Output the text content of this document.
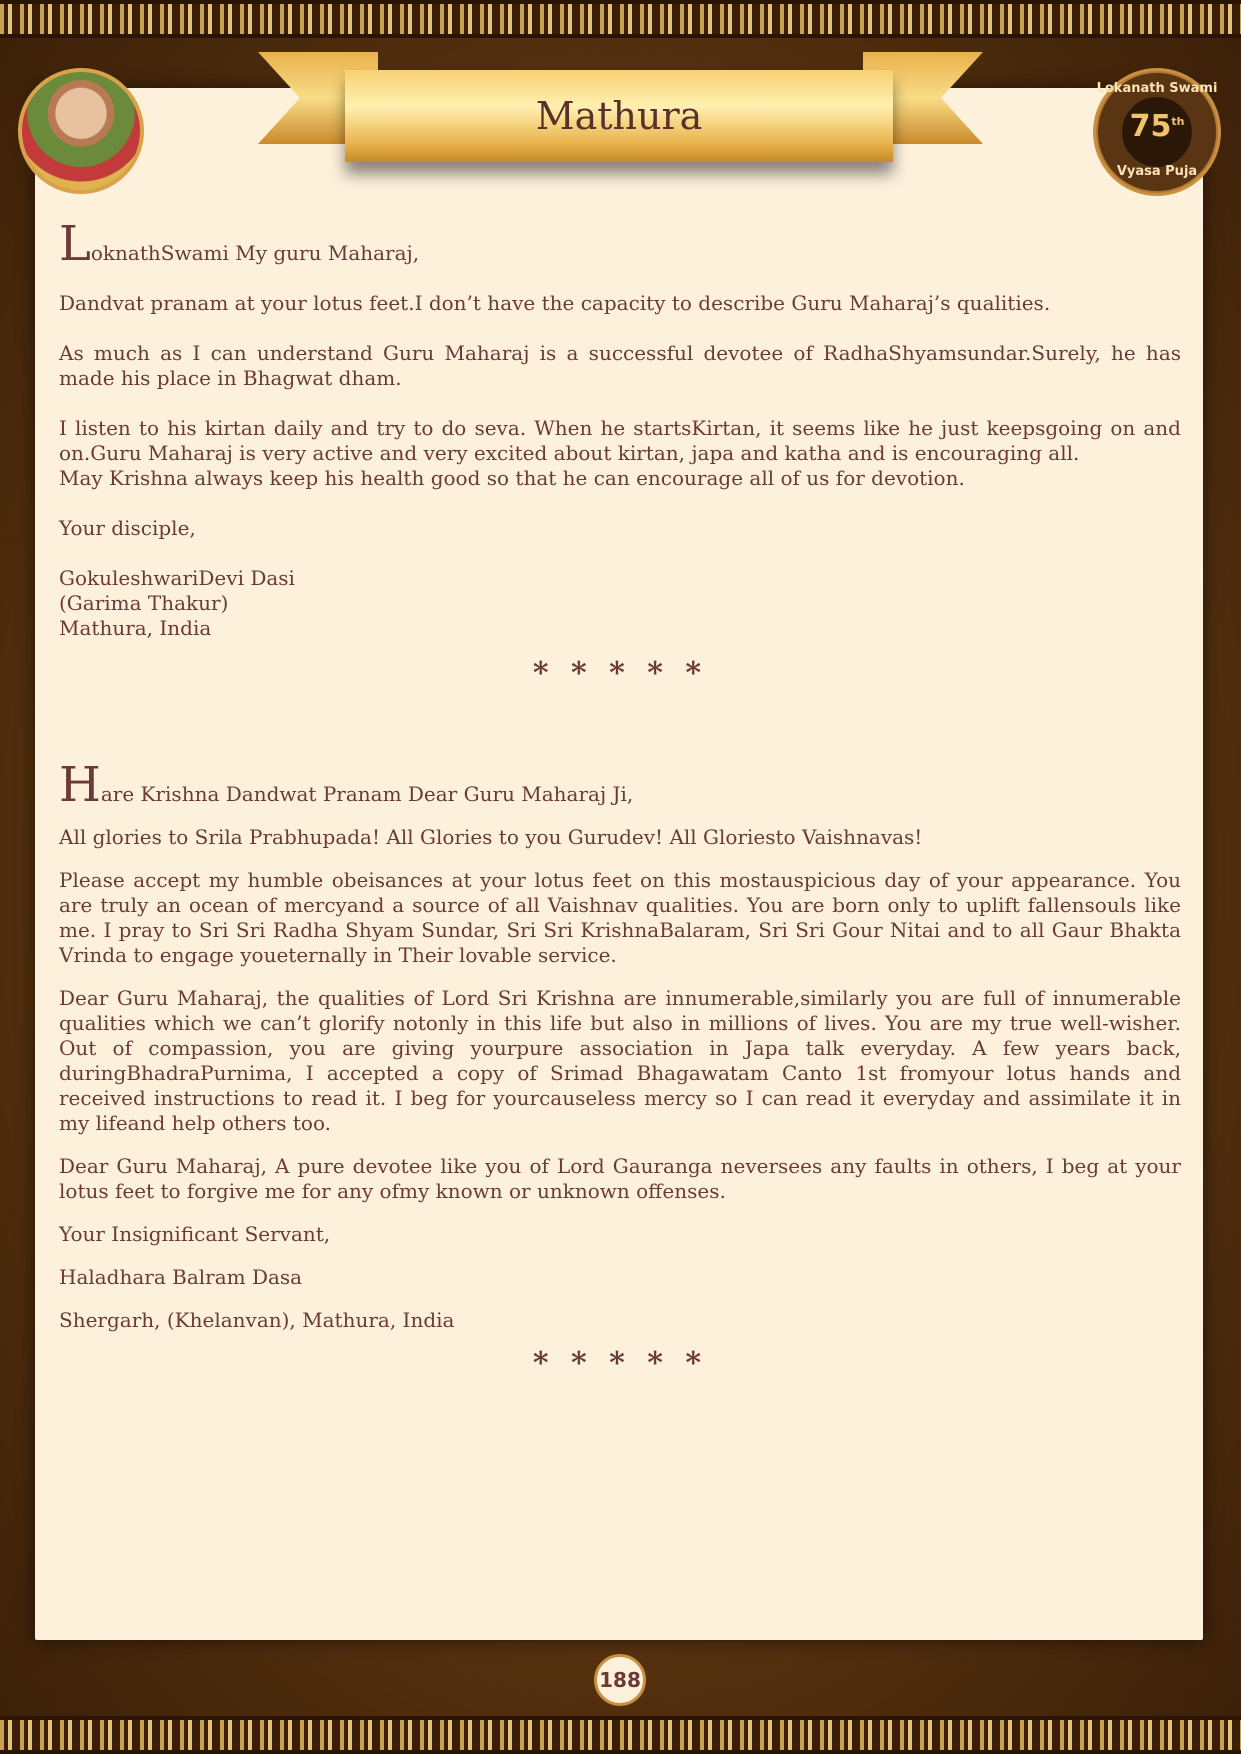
Lokanath Swami
75th
Vyasa Puja
Mathura

LoknathSwami My guru Maharaj,

Dandvat pranam at your lotus feet.I don’t have the capacity to describe Guru Maharaj’s qualities.

As much as I can understand Guru Maharaj is a successful devotee of RadhaShyamsundar.Surely, he has made his place in Bhagwat dham.

I listen to his kirtan daily and try to do seva. When he startsKirtan, it seems like he just keepsgoing on and on.Guru Maharaj is very active and very excited about kirtan, japa and katha and is encouraging all.

May Krishna always keep his health good so that he can encourage all of us for devotion.

Your disciple,

GokuleshwariDevi Dasi
(Garima Thakur)
Mathura, India
* * * * *

Hare Krishna Dandwat Pranam Dear Guru Maharaj Ji,

All glories to Srila Prabhupada! All Glories to you Gurudev! All Gloriesto Vaishnavas!

Please accept my humble obeisances at your lotus feet on this mostauspicious day of your appearance. You are truly an ocean of mercyand a source of all Vaishnav qualities. You are born only to uplift fallensouls like me. I pray to Sri Sri Radha Shyam Sundar, Sri Sri KrishnaBalaram, Sri Sri Gour Nitai and to all Gaur Bhakta Vrinda to engage youeternally in Their lovable service.

Dear Guru Maharaj, the qualities of Lord Sri Krishna are innumerable,similarly you are full of innumerable qualities which we can’t glorify notonly in this life but also in millions of lives. You are my true well-wisher. Out of compassion, you are giving yourpure association in Japa talk everyday. A few years back, duringBhadraPurnima, I accepted a copy of Srimad Bhagawatam Canto 1st fromyour lotus hands and received instructions to read it. I beg for yourcauseless mercy so I can read it everyday and assimilate it in my lifeand help others too.

Dear Guru Maharaj, A pure devotee like you of Lord Gauranga neversees any faults in others, I beg at your lotus feet to forgive me for any ofmy known or unknown offenses.

Your Insignificant Servant,

Haladhara Balram Dasa

Shergarh, (Khelanvan), Mathura, India

* * * * *
188
